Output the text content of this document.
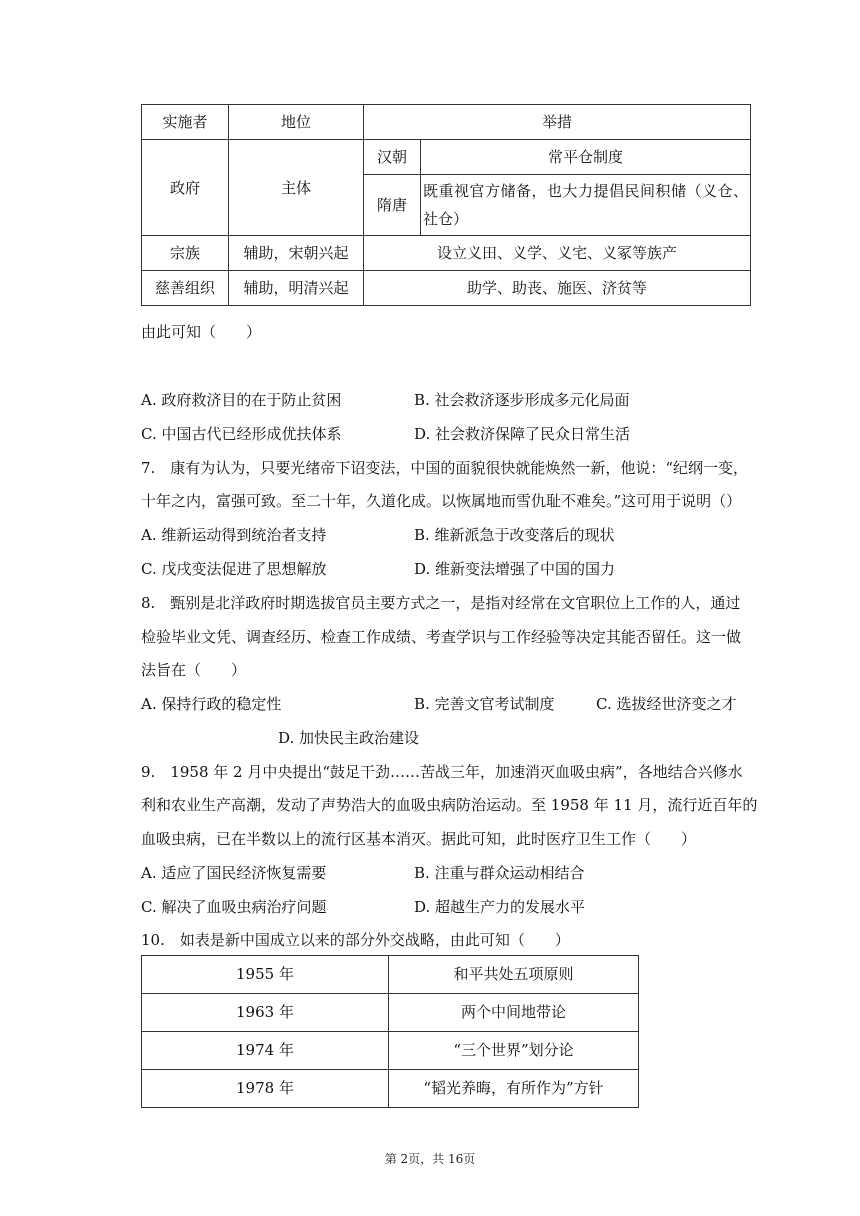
实施者	地位	举措	
政府	主体	汉朝	常平仓制度
		隋唐	既重视官方储备，也大力提倡民间积储（义仓、社仓）
宗族	辅助，宋朝兴起	设立义田、义学、义宅、义冢等族产	
慈善组织	辅助，明清兴起	助学、助丧、施医、济贫等	
由此可知（　　）
A. 政府救济目的在于防止贫困	B. 社会救济逐步形成多元化局面
C. 中国古代已经形成优扶体系	D. 社会救济保障了民众日常生活
7.　康有为认为，只要光绪帝下诏变法，中国的面貌很快就能焕然一新，他说：“纪纲一变，
十年之内，富强可致。至二十年，久道化成。以恢属地而雪仇耻不难矣。”这可用于说明（）
A. 维新运动得到统治者支持	B. 维新派急于改变落后的现状
C. 戊戌变法促进了思想解放	D. 维新变法增强了中国的国力
8.　甄别是北洋政府时期选拔官员主要方式之一，是指对经常在文官职位上工作的人，通过
检验毕业文凭、调查经历、检查工作成绩、考查学识与工作经验等决定其能否留任。这一做
法旨在（　　）
A. 保持行政的稳定性	B. 完善文官考试制度	C. 选拔经世济变之才
D. 加快民主政治建设
9.　1958 年 2 月中央提出“鼓足干劲……苦战三年，加速消灭血吸虫病”，各地结合兴修水
利和农业生产高潮，发动了声势浩大的血吸虫病防治运动。至 1958 年 11 月，流行近百年的
血吸虫病，已在半数以上的流行区基本消灭。据此可知，此时医疗卫生工作（　　）
A. 适应了国民经济恢复需要	B. 注重与群众运动相结合
C. 解决了血吸虫病治疗问题	D. 超越生产力的发展水平
10.　如表是新中国成立以来的部分外交战略，由此可知（　　）
1955 年	和平共处五项原则
1963 年	两个中间地带论
1974 年	“三个世界”划分论
1978 年	“韬光养晦，有所作为”方针
第 2页，共 16页
